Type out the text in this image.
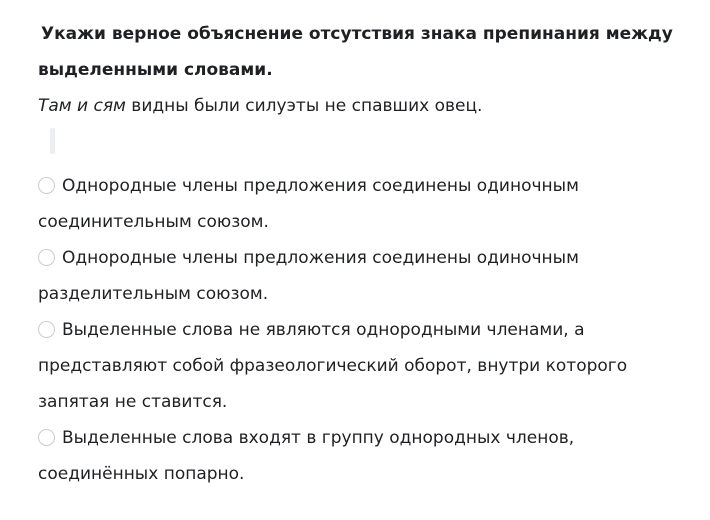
Укажи верное объяснение отсутствия знака препинания между выделенными словами.

Там и сям видны были силуэты не спавших овец.

Однородные члены предложения соединены одиночным соединительным союзом.
Однородные члены предложения соединены одиночным разделительным союзом.
Выделенные слова не являются однородными членами, а представляют собой фразеологический оборот, внутри которого запятая не ставится.
Выделенные слова входят в группу однородных членов, соединённых попарно.
